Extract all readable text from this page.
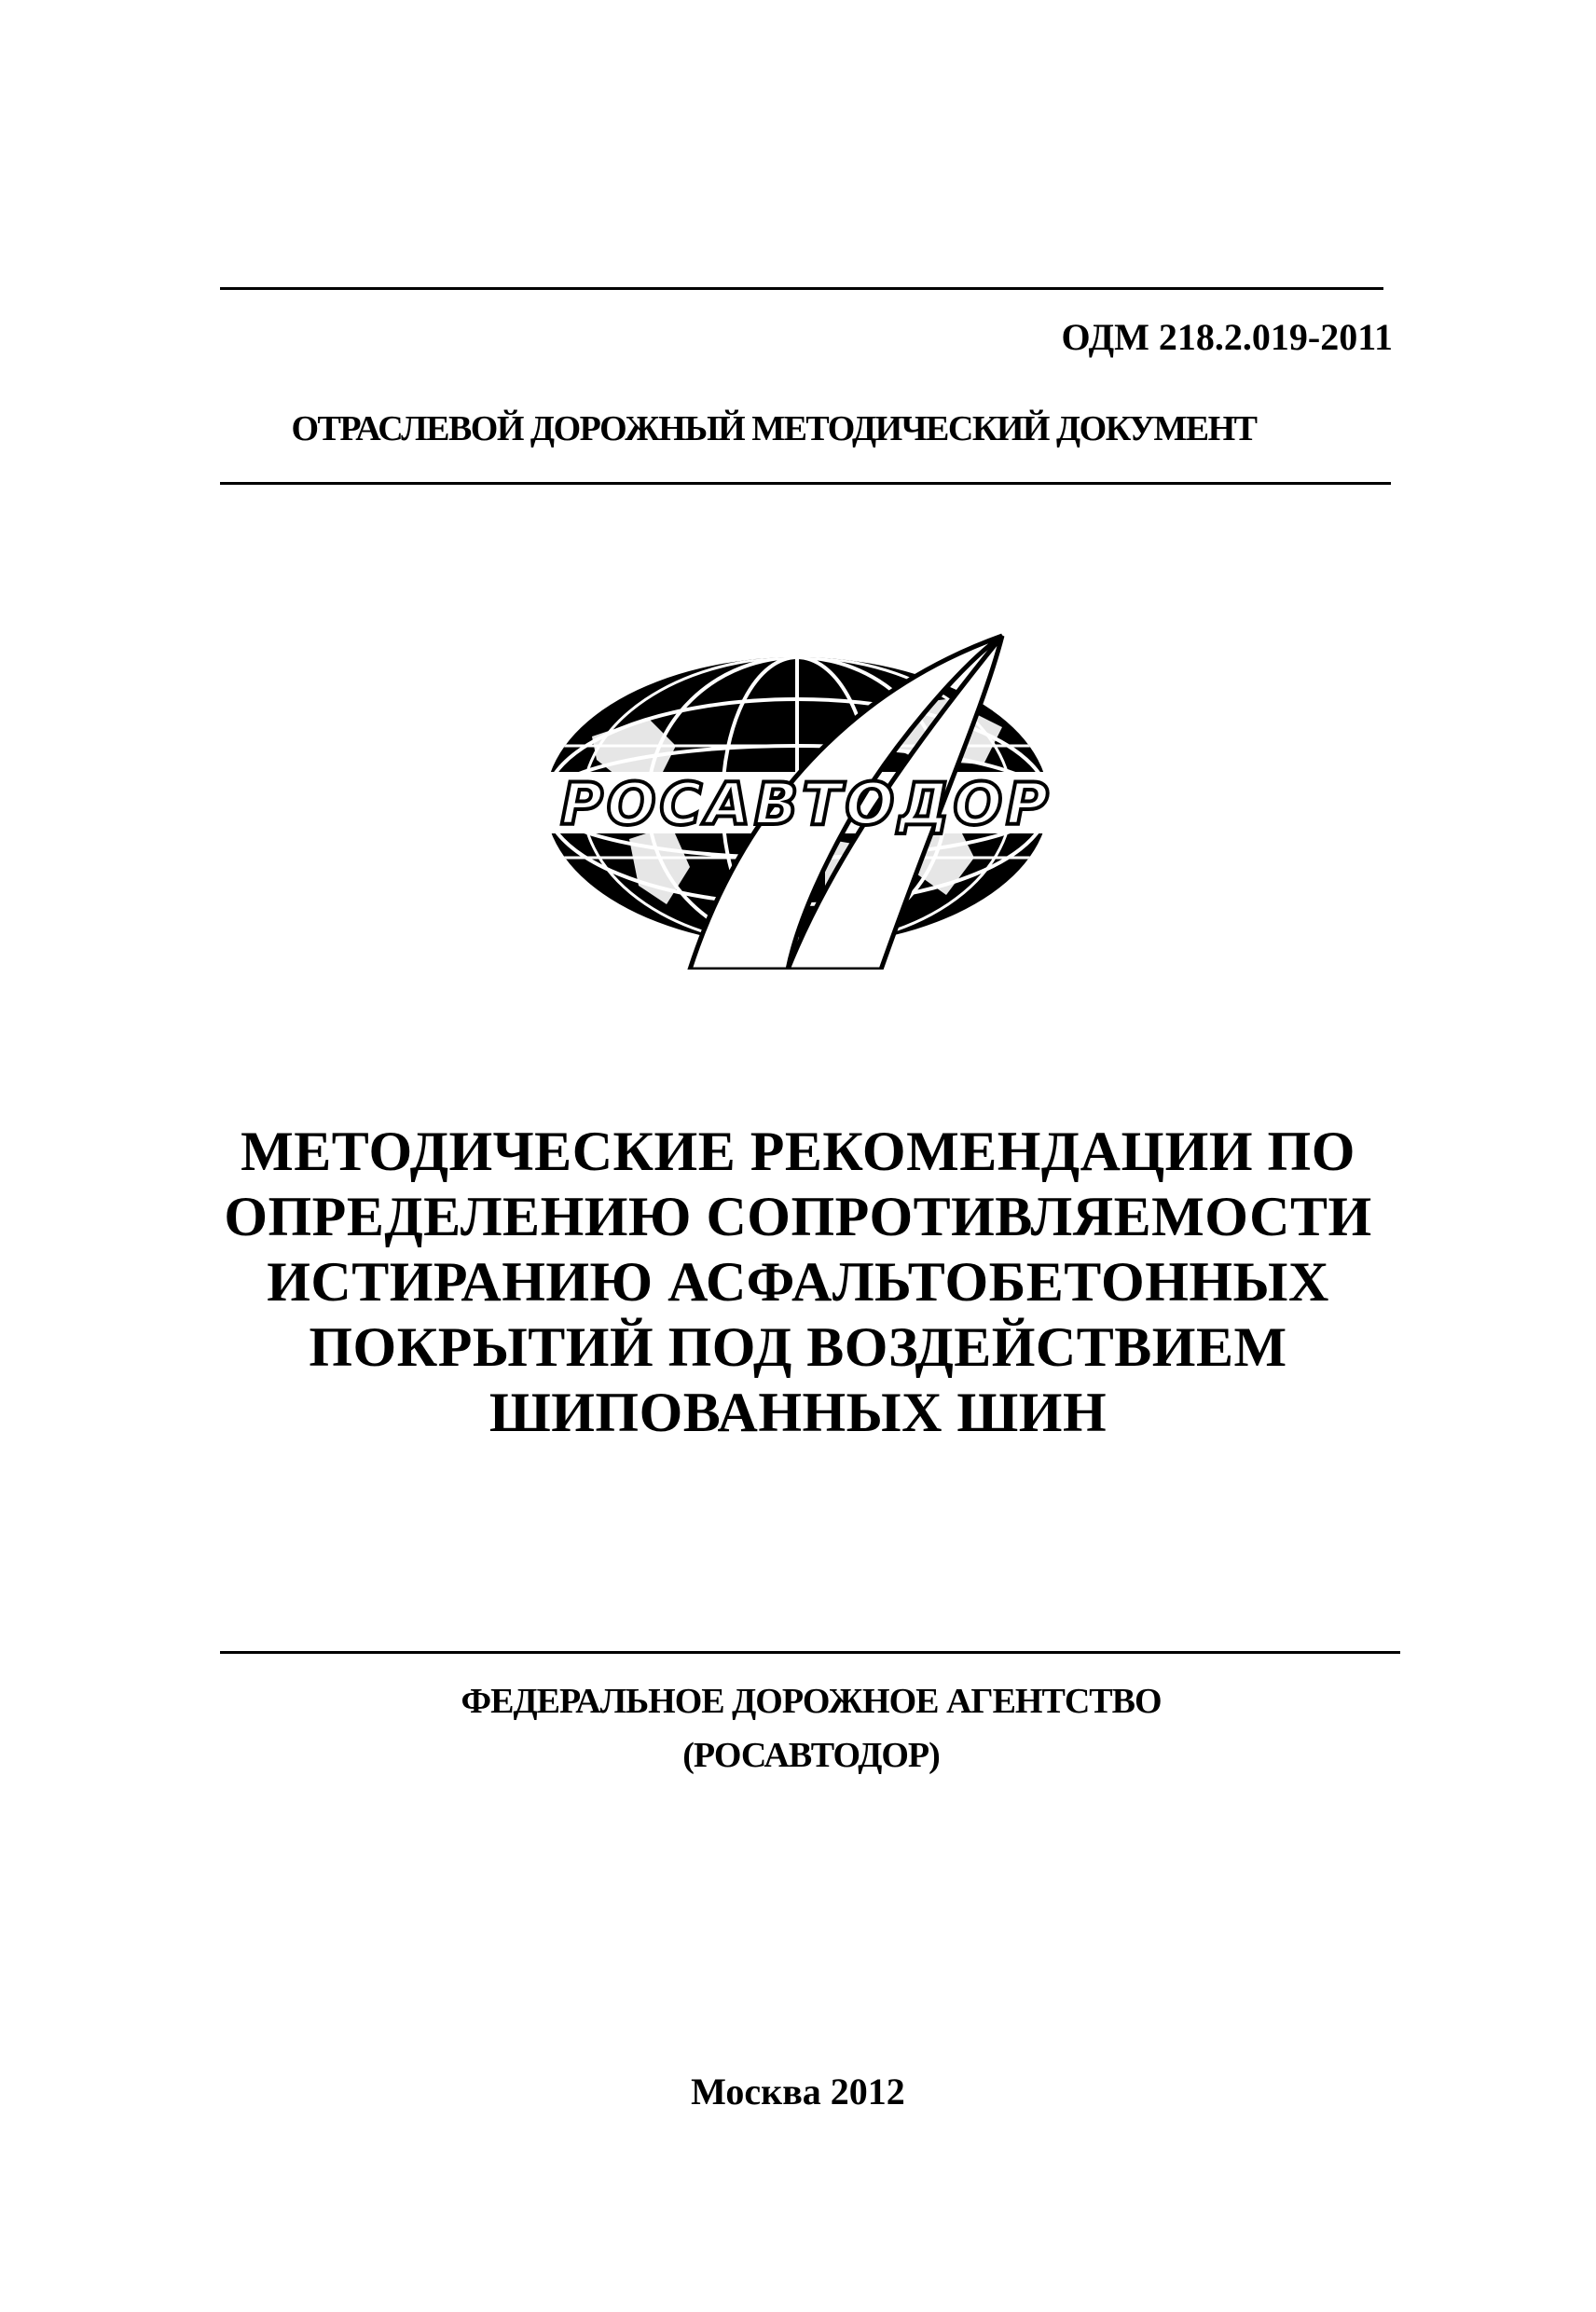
ОДМ 218.2.019-2011
ОТРАСЛЕВОЙ ДОРОЖНЫЙ МЕТОДИЧЕСКИЙ ДОКУМЕНТ
РОСАВТОДОР
МЕТОДИЧЕСКИЕ РЕКОМЕНДАЦИИ ПО
ОПРЕДЕЛЕНИЮ СОПРОТИВЛЯЕМОСТИ
ИСТИРАНИЮ АСФАЛЬТОБЕТОННЫХ
ПОКРЫТИЙ ПОД ВОЗДЕЙСТВИЕМ
ШИПОВАННЫХ ШИН
ФЕДЕРАЛЬНОЕ ДОРОЖНОЕ АГЕНТСТВО
(РОСАВТОДОР)
Москва 2012
